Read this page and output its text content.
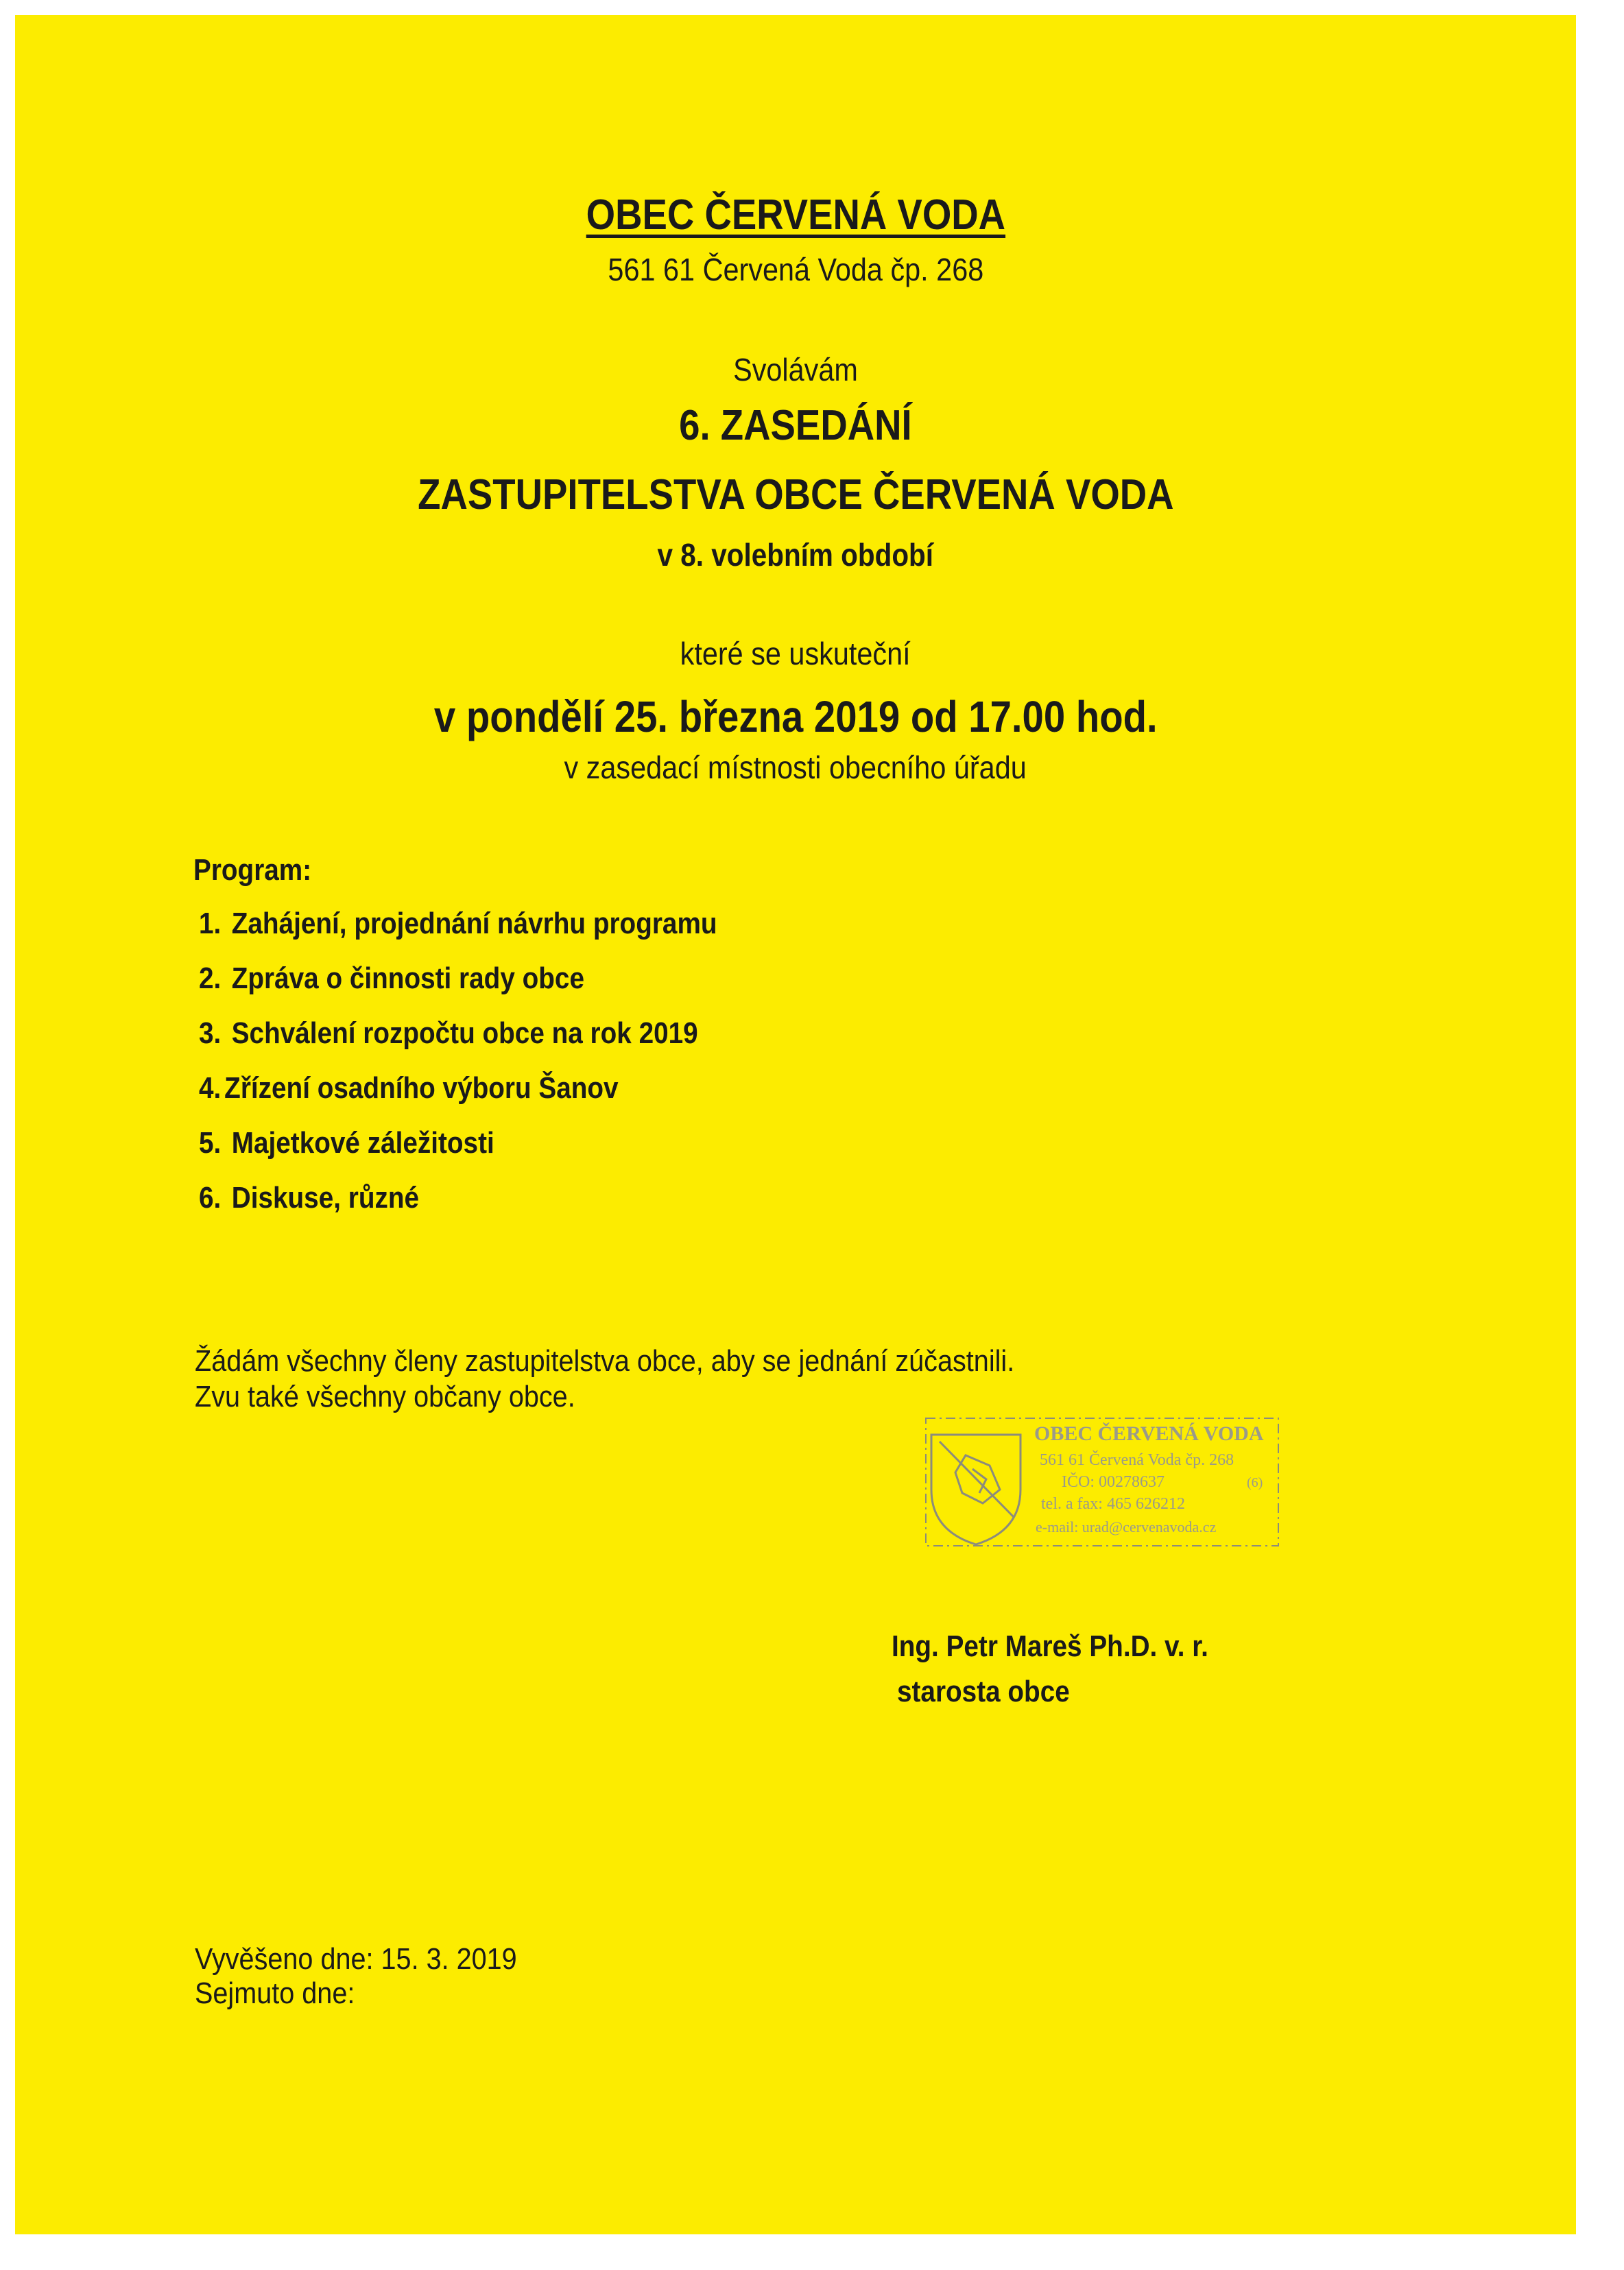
OBEC ČERVENÁ VODA
561 61 Červená Voda čp. 268
Svolávám
6. ZASEDÁNÍ
ZASTUPITELSTVA OBCE ČERVENÁ VODA
v 8. volebním období
které se uskuteční
v pondělí 25. března 2019 od 17.00 hod.
v zasedací místnosti obecního úřadu
Program:
1. Zahájení, projednání návrhu programu
2. Zpráva o činnosti rady obce
3. Schválení rozpočtu obce na rok 2019
4. Zřízení osadního výboru Šanov
5. Majetkové záležitosti
6. Diskuse, různé
Žádám všechny členy zastupitelstva obce, aby se jednání zúčastnili.
Zvu také všechny občany obce.
OBEC ČERVENÁ VODA
561 61 Červená Voda čp. 268
IČO: 00278637	(6)
tel. a fax: 465 626212
e-mail: urad@cervenavoda.cz
Ing. Petr Mareš Ph.D. v. r.
starosta obce
Vyvěšeno dne: 15. 3. 2019
Sejmuto dne:
